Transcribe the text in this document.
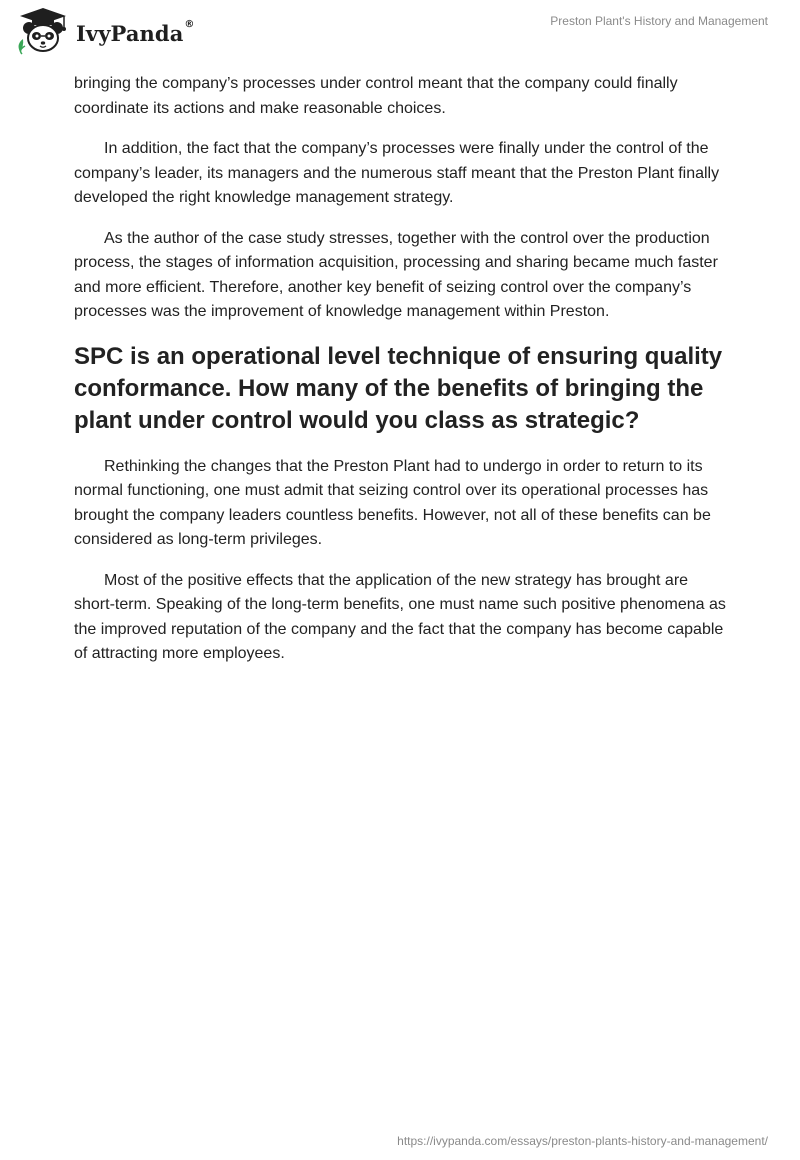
IvyPanda®	Preston Plant's History and Management

bringing the company’s processes under control meant that the company could finally coordinate its actions and make reasonable choices.

In addition, the fact that the company’s processes were finally under the control of the company’s leader, its managers and the numerous staff meant that the Preston Plant finally developed the right knowledge management strategy.

As the author of the case study stresses, together with the control over the production process, the stages of information acquisition, processing and sharing became much faster and more efficient. Therefore, another key benefit of seizing control over the company’s processes was the improvement of knowledge management within Preston.

SPC is an operational level technique of ensuring quality conformance. How many of the benefits of bringing the plant under control would you class as strategic?

Rethinking the changes that the Preston Plant had to undergo in order to return to its normal functioning, one must admit that seizing control over its operational processes has brought the company leaders countless benefits. However, not all of these benefits can be considered as long-term privileges.

Most of the positive effects that the application of the new strategy has brought are short-term. Speaking of the long-term benefits, one must name such positive phenomena as the improved reputation of the company and the fact that the company has become capable of attracting more employees.

https://ivypanda.com/essays/preston-plants-history-and-management/
